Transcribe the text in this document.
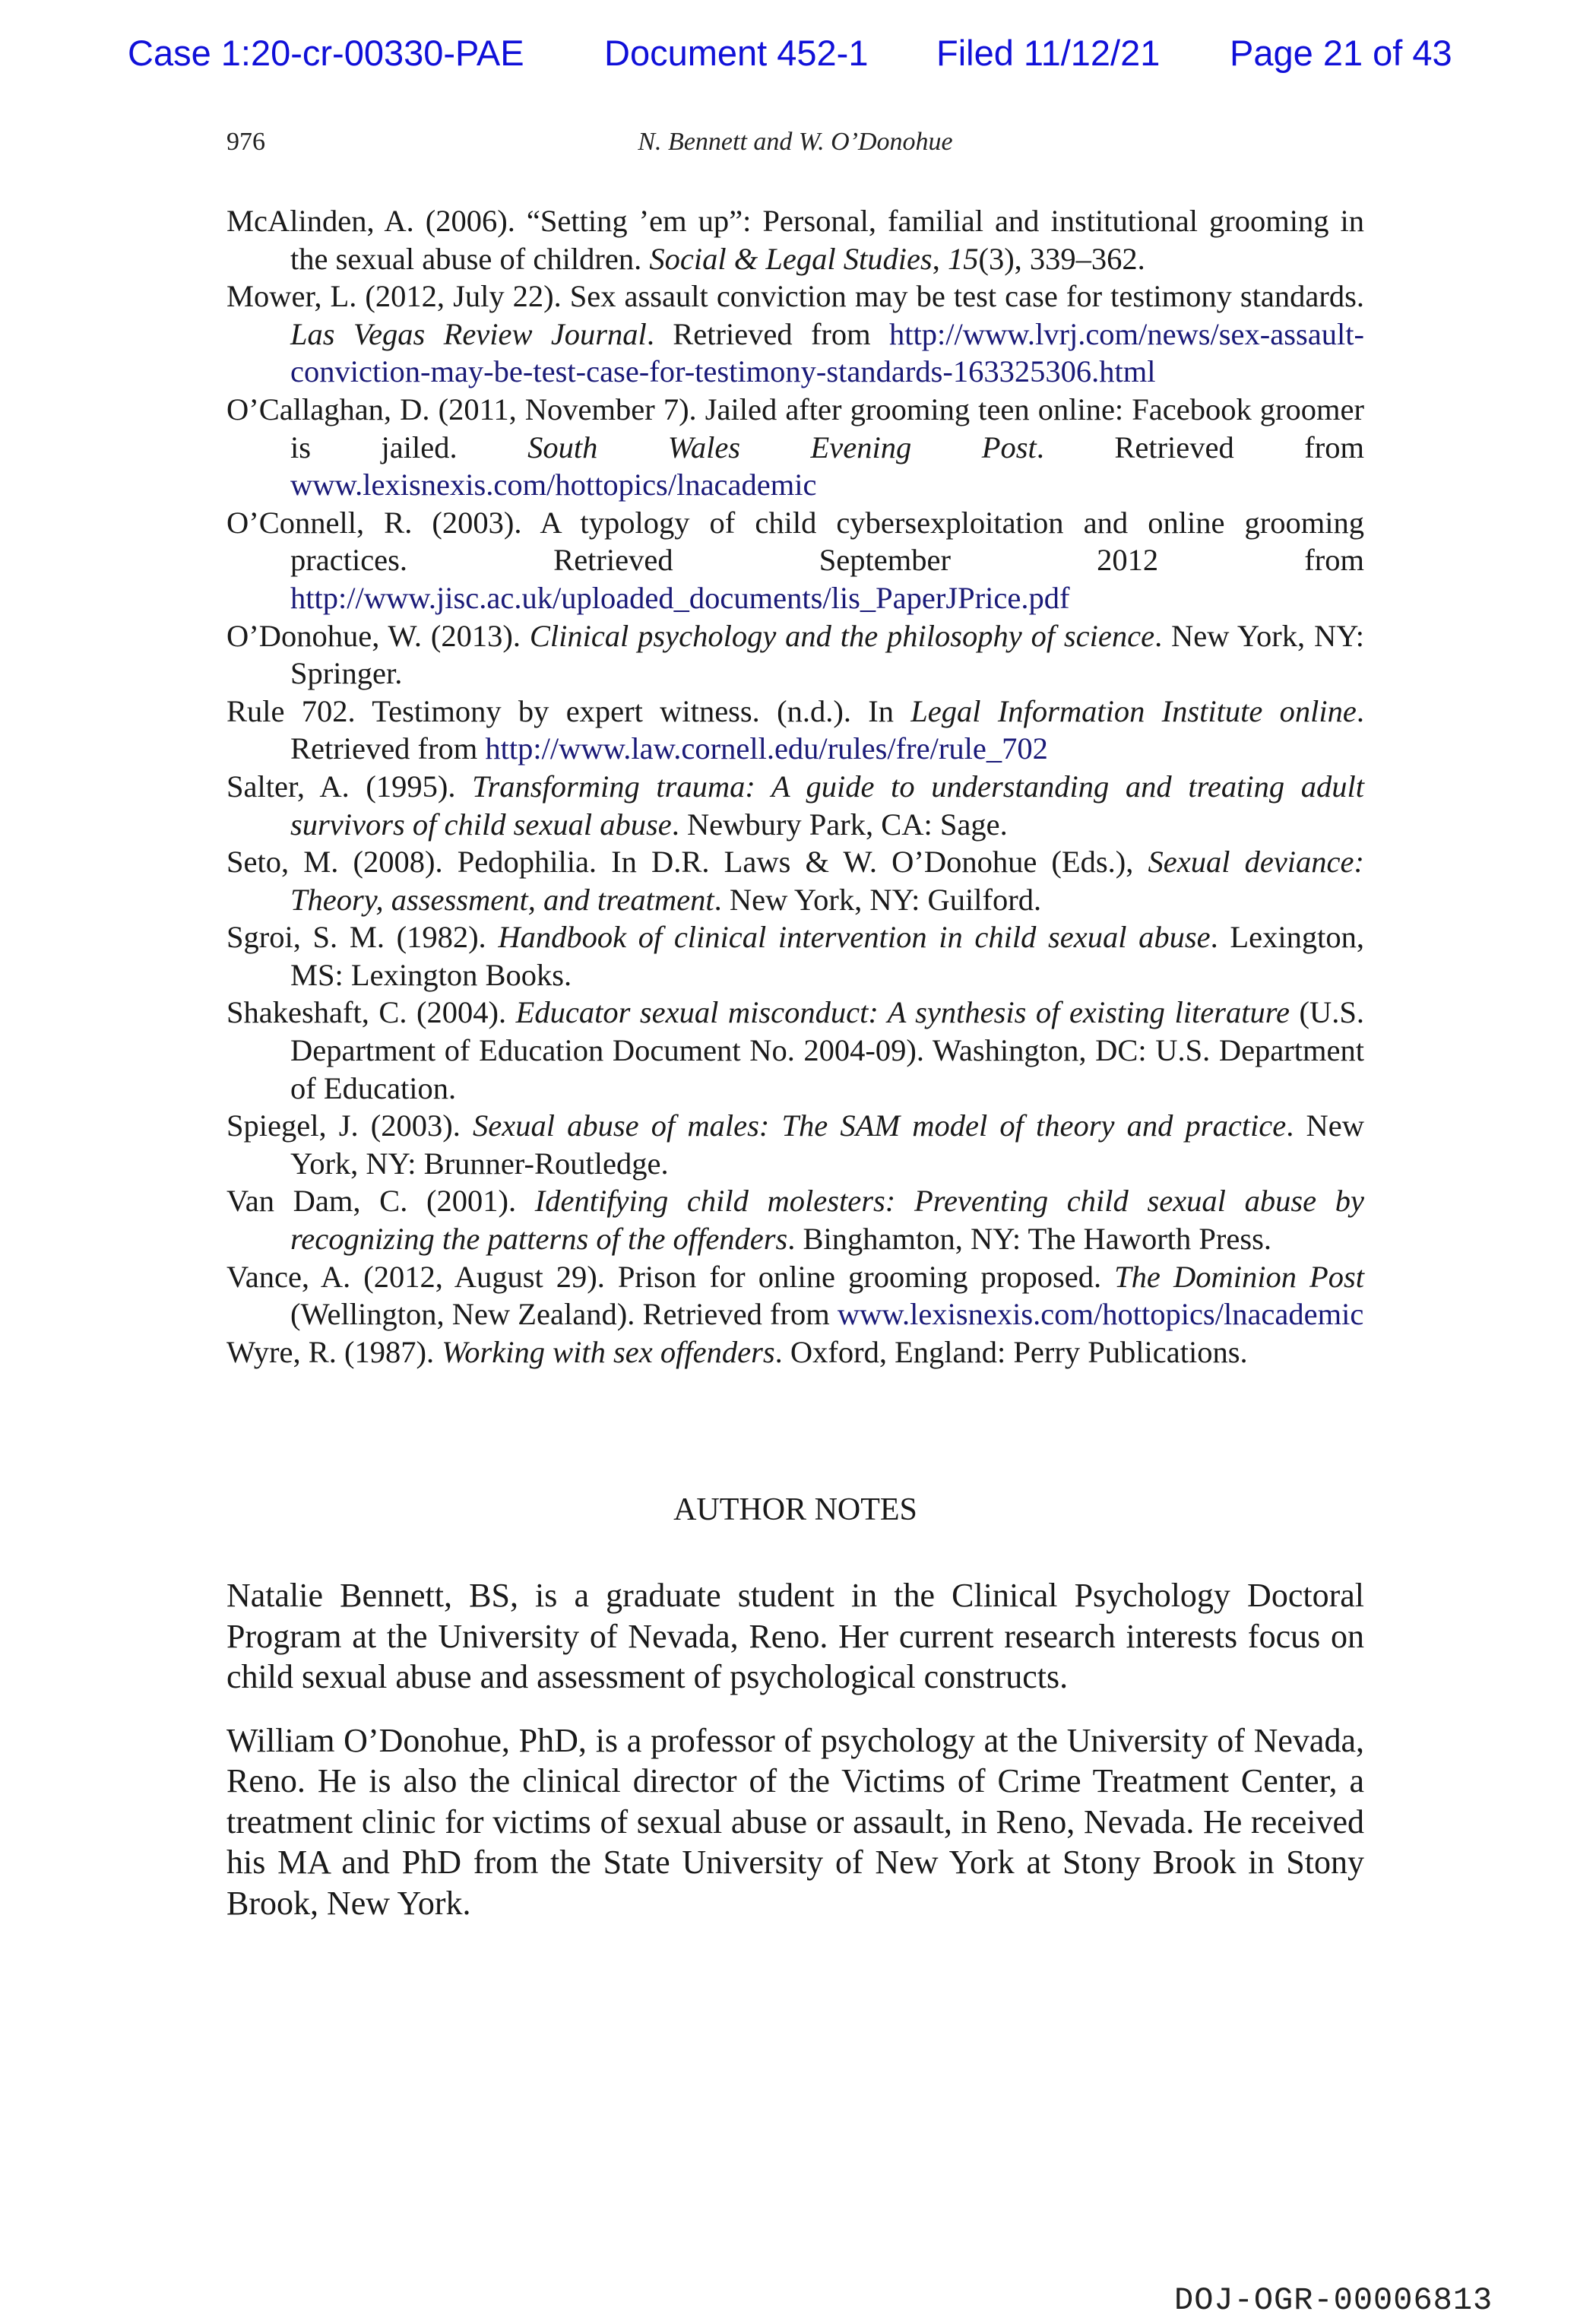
Case 1:20-cr-00330-PAE Document 452-1 Filed 11/12/21 Page 21 of 43
976	N. Bennett and W. O’Donohue
McAlinden, A. (2006). “Setting ’em up”: Personal, familial and institutional grooming in the sexual abuse of children. Social & Legal Studies, 15(3), 339–362.
Mower, L. (2012, July 22). Sex assault conviction may be test case for testimony standards. Las Vegas Review Journal. Retrieved from http://www.lvrj.com/news/sex-assault-conviction-may-be-test-case-for-testimony-standards-163325306.html
O’Callaghan, D. (2011, November 7). Jailed after grooming teen online: Facebook groomer is jailed. South Wales Evening Post. Retrieved from www.lexisnexis.com/hottopics/lnacademic
O’Connell, R. (2003). A typology of child cybersexploitation and online grooming practices. Retrieved September 2012 from http://www.jisc.ac.uk/uploaded_documents/lis_PaperJPrice.pdf
O’Donohue, W. (2013). Clinical psychology and the philosophy of science. New York, NY: Springer.
Rule 702. Testimony by expert witness. (n.d.). In Legal Information Institute online. Retrieved from http://www.law.cornell.edu/rules/fre/rule_702
Salter, A. (1995). Transforming trauma: A guide to understanding and treating adult survivors of child sexual abuse. Newbury Park, CA: Sage.
Seto, M. (2008). Pedophilia. In D.R. Laws & W. O’Donohue (Eds.), Sexual deviance: Theory, assessment, and treatment. New York, NY: Guilford.
Sgroi, S. M. (1982). Handbook of clinical intervention in child sexual abuse. Lexington, MS: Lexington Books.
Shakeshaft, C. (2004). Educator sexual misconduct: A synthesis of existing literature (U.S. Department of Education Document No. 2004-09). Washington, DC: U.S. Department of Education.
Spiegel, J. (2003). Sexual abuse of males: The SAM model of theory and practice. New York, NY: Brunner-Routledge.
Van Dam, C. (2001). Identifying child molesters: Preventing child sexual abuse by recognizing the patterns of the offenders. Binghamton, NY: The Haworth Press.
Vance, A. (2012, August 29). Prison for online grooming proposed. The Dominion Post (Wellington, New Zealand). Retrieved from www.lexisnexis.com/hottopics/lnacademic
Wyre, R. (1987). Working with sex offenders. Oxford, England: Perry Publications.
AUTHOR NOTES

Natalie Bennett, BS, is a graduate student in the Clinical Psychology Doctoral Program at the University of Nevada, Reno. Her current research interests focus on child sexual abuse and assessment of psychological constructs.

William O’Donohue, PhD, is a professor of psychology at the University of Nevada, Reno. He is also the clinical director of the Victims of Crime Treatment Center, a treatment clinic for victims of sexual abuse or assault, in Reno, Nevada. He received his MA and PhD from the State University of New York at Stony Brook in Stony Brook, New York.

DOJ-OGR-00006813
